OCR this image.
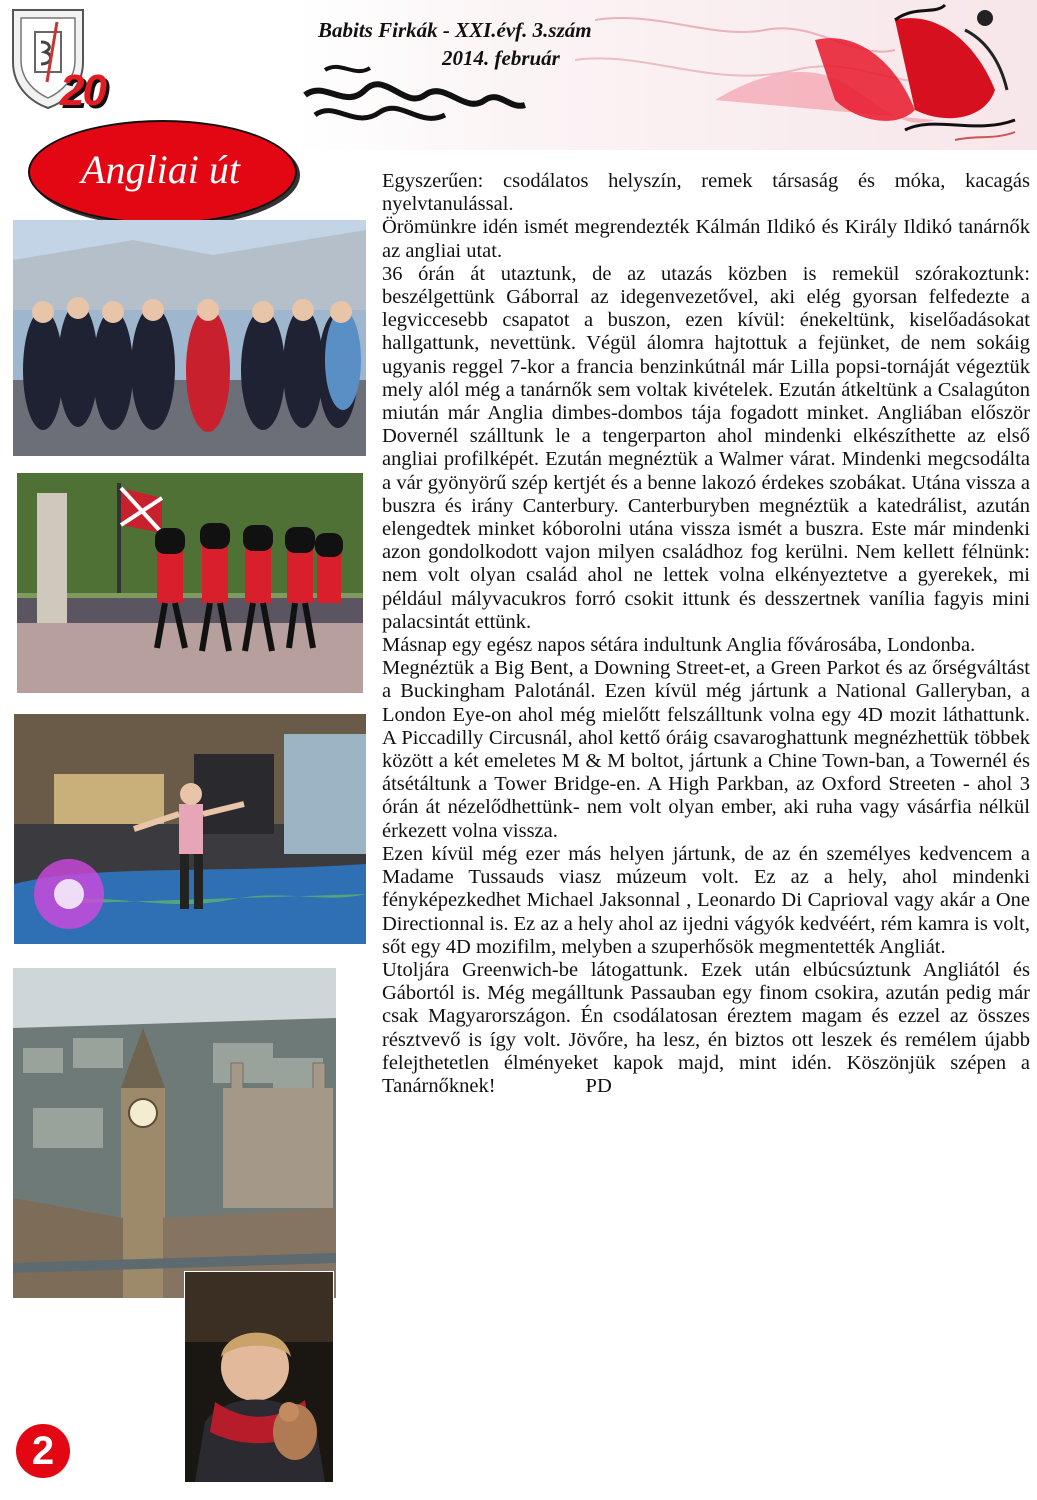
Babits Firkák - XXI.évf. 3.szám
2014. február
20
Angliai út
2

Egyszerűen: csodálatos helyszín, remek társaság és móka, kacagás nyelvtanulással.

Örömünkre idén ismét megrendezték Kálmán Ildikó és Király Ildikó tanárnők az angliai utat.

36 órán át utaztunk, de az utazás közben is remekül szórakoztunk: beszélgettünk Gáborral az idegenvezetővel, aki elég gyorsan felfedezte a legviccesebb csapatot a buszon, ezen kívül: énekeltünk, kiselőadásokat hallgattunk, nevettünk. Végül álomra hajtottuk a fejünket, de nem sokáig ugyanis reggel 7-kor a francia benzinkútnál már Lilla popsi-tornáját végeztük mely alól még a tanárnők sem voltak kivételek. Ezután átkeltünk a Csalagúton miután már Anglia dimbes-dombos tája fogadott minket. Angliában először Dovernél szálltunk le a tengerparton ahol mindenki elkészíthette az első angliai profilképét. Ezután megnéztük a Walmer várat. Mindenki megcsodálta a vár gyönyörű szép kertjét és a benne lakozó érdekes szobákat. Utána vissza a buszra és irány Canterbury. Canterburyben megnéztük a katedrálist, azután elengedtek minket kóborolni utána vissza ismét a buszra. Este már mindenki azon gondolkodott vajon milyen családhoz fog kerülni. Nem kellett félnünk: nem volt olyan család ahol ne lettek volna elkényeztetve a gyerekek, mi például mályvacukros forró csokit ittunk és desszertnek vanília fagyis mini palacsintát ettünk.

Másnap egy egész napos sétára indultunk Anglia fővárosába, Londonba.

Megnéztük a Big Bent, a Downing Street-et, a Green Parkot és az őrségváltást a Buckingham Palotánál. Ezen kívül még jártunk a National Galleryban, a London Eye-on ahol még mielőtt felszálltunk volna egy 4D mozit láthattunk. A Piccadilly Circusnál, ahol kettő óráig csavaroghattunk megnézhettük többek között a két emeletes M & M boltot, jártunk a Chine Town-ban, a Towernél és átsétáltunk a Tower Bridge-en. A High Parkban, az Oxford Streeten - ahol 3 órán át nézelődhettünk- nem volt olyan ember, aki ruha vagy vásárfia nélkül érkezett volna vissza.

Ezen kívül még ezer más helyen jártunk, de az én személyes kedvencem a Madame Tussauds viasz múzeum volt. Ez az a hely, ahol mindenki fényképezkedhet Michael Jaksonnal , Leonardo Di Caprioval vagy akár a One Directionnal is. Ez az a hely ahol az ijedni vágyók kedvéért, rém kamra is volt, sőt egy 4D mozifilm, melyben a szuperhősök megmentették Angliát.

Utoljára Greenwich-be látogattunk. Ezek után elbúcsúztunk Angliától és Gábortól is. Még megálltunk Passauban egy finom csokira, azután pedig már csak Magyarországon. Én csodálatosan éreztem magam és ezzel az összes résztvevő is így volt. Jövőre, ha lesz, én biztos ott leszek és remélem újabb felejthetetlen élményeket kapok majd, mint idén. Köszönjük szépen a Tanárnőknek!	PD
